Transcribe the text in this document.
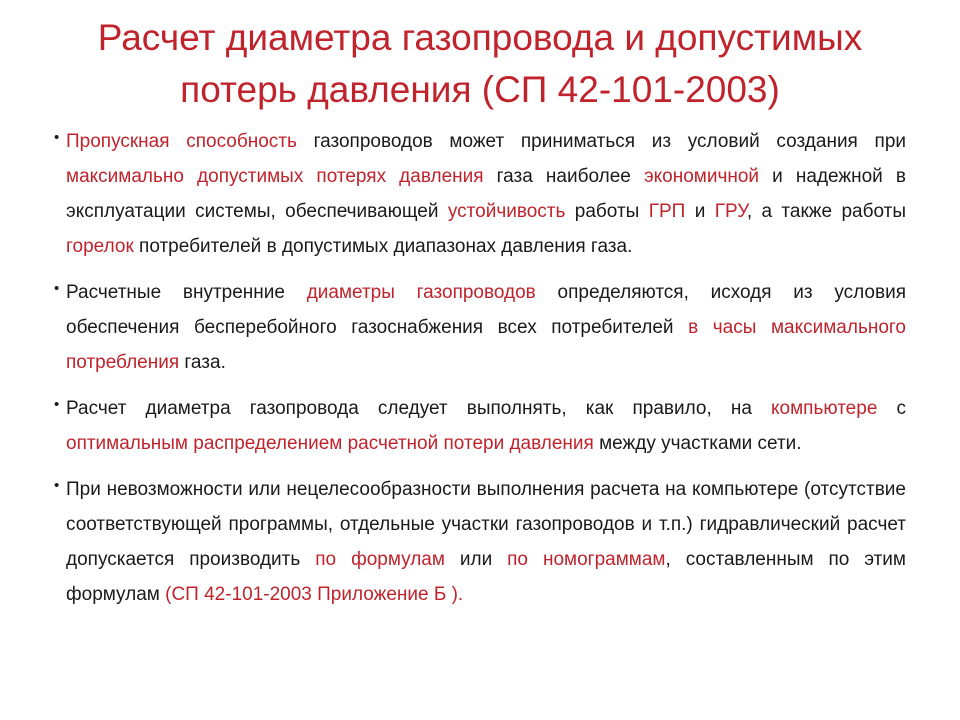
Расчет диаметра газопровода и допустимых
потерь давления (СП 42-101-2003)
• Пропускная способность газопроводов может приниматься из условий создания при максимально допустимых потерях давления газа наиболее экономичной и надежной в эксплуатации системы, обеспечивающей устойчивость работы ГРП и ГРУ, а также работы горелок потребителей в допустимых диапазонах давления газа.
• Расчетные внутренние диаметры газопроводов определяются, исходя из условия обеспечения бесперебойного газоснабжения всех потребителей в часы максимального потребления газа.
• Расчет диаметра газопровода следует выполнять, как правило, на компьютере с оптимальным распределением расчетной потери давления между участками сети.
• При невозможности или нецелесообразности выполнения расчета на компьютере (отсутствие соответствующей программы, отдельные участки газопроводов и т.п.) гидравлический расчет допускается производить по формулам или по номограммам, составленным по этим формулам (СП 42-101-2003 Приложение Б ).
